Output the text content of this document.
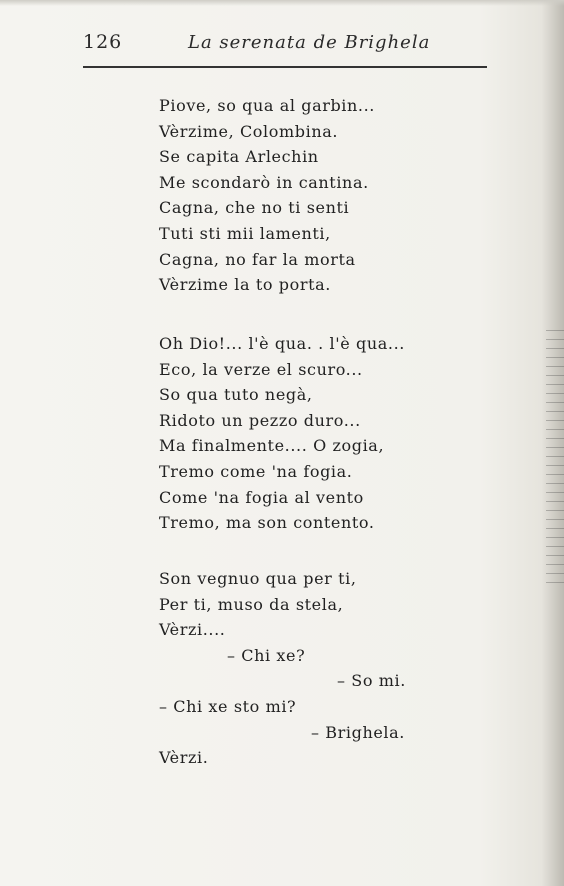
126	La serenata de Brighela
Piove, so qua al garbin...
Vèrzime, Colombina.
Se capita Arlechin
Me scondarò in cantina.
Cagna, che no ti senti
Tuti sti mii lamenti,
Cagna, no far la morta
Vèrzime la to porta.
Oh Dio!... l'è qua. . l'è qua...
Eco, la verze el scuro...
So qua tuto negà,
Ridoto un pezzo duro...
Ma finalmente.... O zogia,
Tremo come 'na fogia.
Come 'na fogia al vento
Tremo, ma son contento.
Son vegnuo qua per ti,
Per ti, muso da stela,
Vèrzi....
– Chi xe?
– So mi.
– Chi xe sto mi?
– Brighela.
Vèrzi.
